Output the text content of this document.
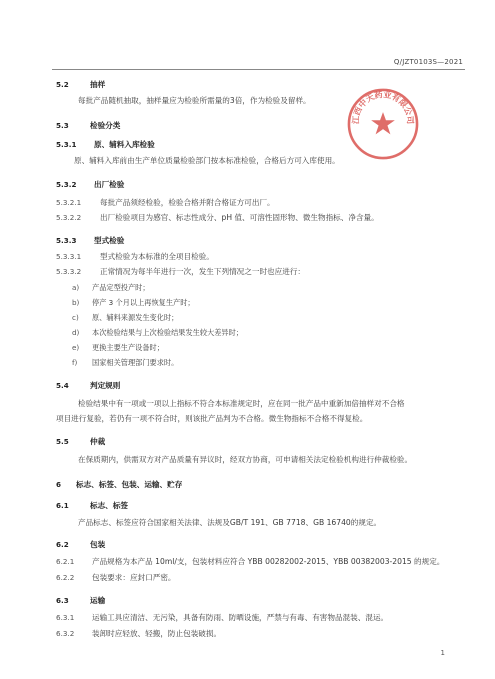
Q/JZT0103S—2021
江西中天药业有限公司
5.2	抽样
每批产品随机抽取，抽样量应为检验所需量的3倍，作为检验及留样。
5.3	检验分类
5.3.1 原、辅料入库检验
原、辅料入库前由生产单位质量检验部门按本标准检验，合格后方可入库使用。
5.3.2 出厂检验
5.3.2.1 每批产品须经检验，检验合格并附合格证方可出厂。
5.3.2.2 出厂检验项目为感官、标志性成分、pH 值、可溶性固形物、微生物指标、净含量。
5.3.3 型式检验
5.3.3.1 型式检验为本标准的全项目检验。
5.3.3.2 正常情况为每半年进行一次，发生下列情况之一时也应进行：
a) 产品定型投产时；
b) 停产 3 个月以上再恢复生产时；
c) 原、辅料来源发生变化时；
d) 本次检验结果与上次检验结果发生较大差异时；
e) 更换主要生产设备时；
f) 国家相关管理部门要求时。
5.4	判定规则
检验结果中有一项或一项以上指标不符合本标准规定时，应在同一批产品中重新加倍抽样对不合格
项目进行复验，若仍有一项不符合时，则该批产品判为不合格。微生物指标不合格不得复检。
5.5	仲裁
在保质期内，供需双方对产品质量有异议时，经双方协商，可申请相关法定检验机构进行仲裁检验。
6 标志、标签、包装、运输、贮存
6.1	标志、标签
产品标志、标签应符合国家相关法律、法规及GB/T 191、GB 7718、GB 16740的规定。
6.2	包装
6.2.1 产品规格为本产品 10ml/支，包装材料应符合 YBB 00282002-2015、YBB 00382003-2015 的规定。
6.2.2 包装要求：应封口严密。
6.3	运输
6.3.1 运输工具应清洁、无污染，具备有防雨、防晒设施，严禁与有毒、有害物品混装、混运。
6.3.2 装卸时应轻放、轻搬，防止包装破损。
1
